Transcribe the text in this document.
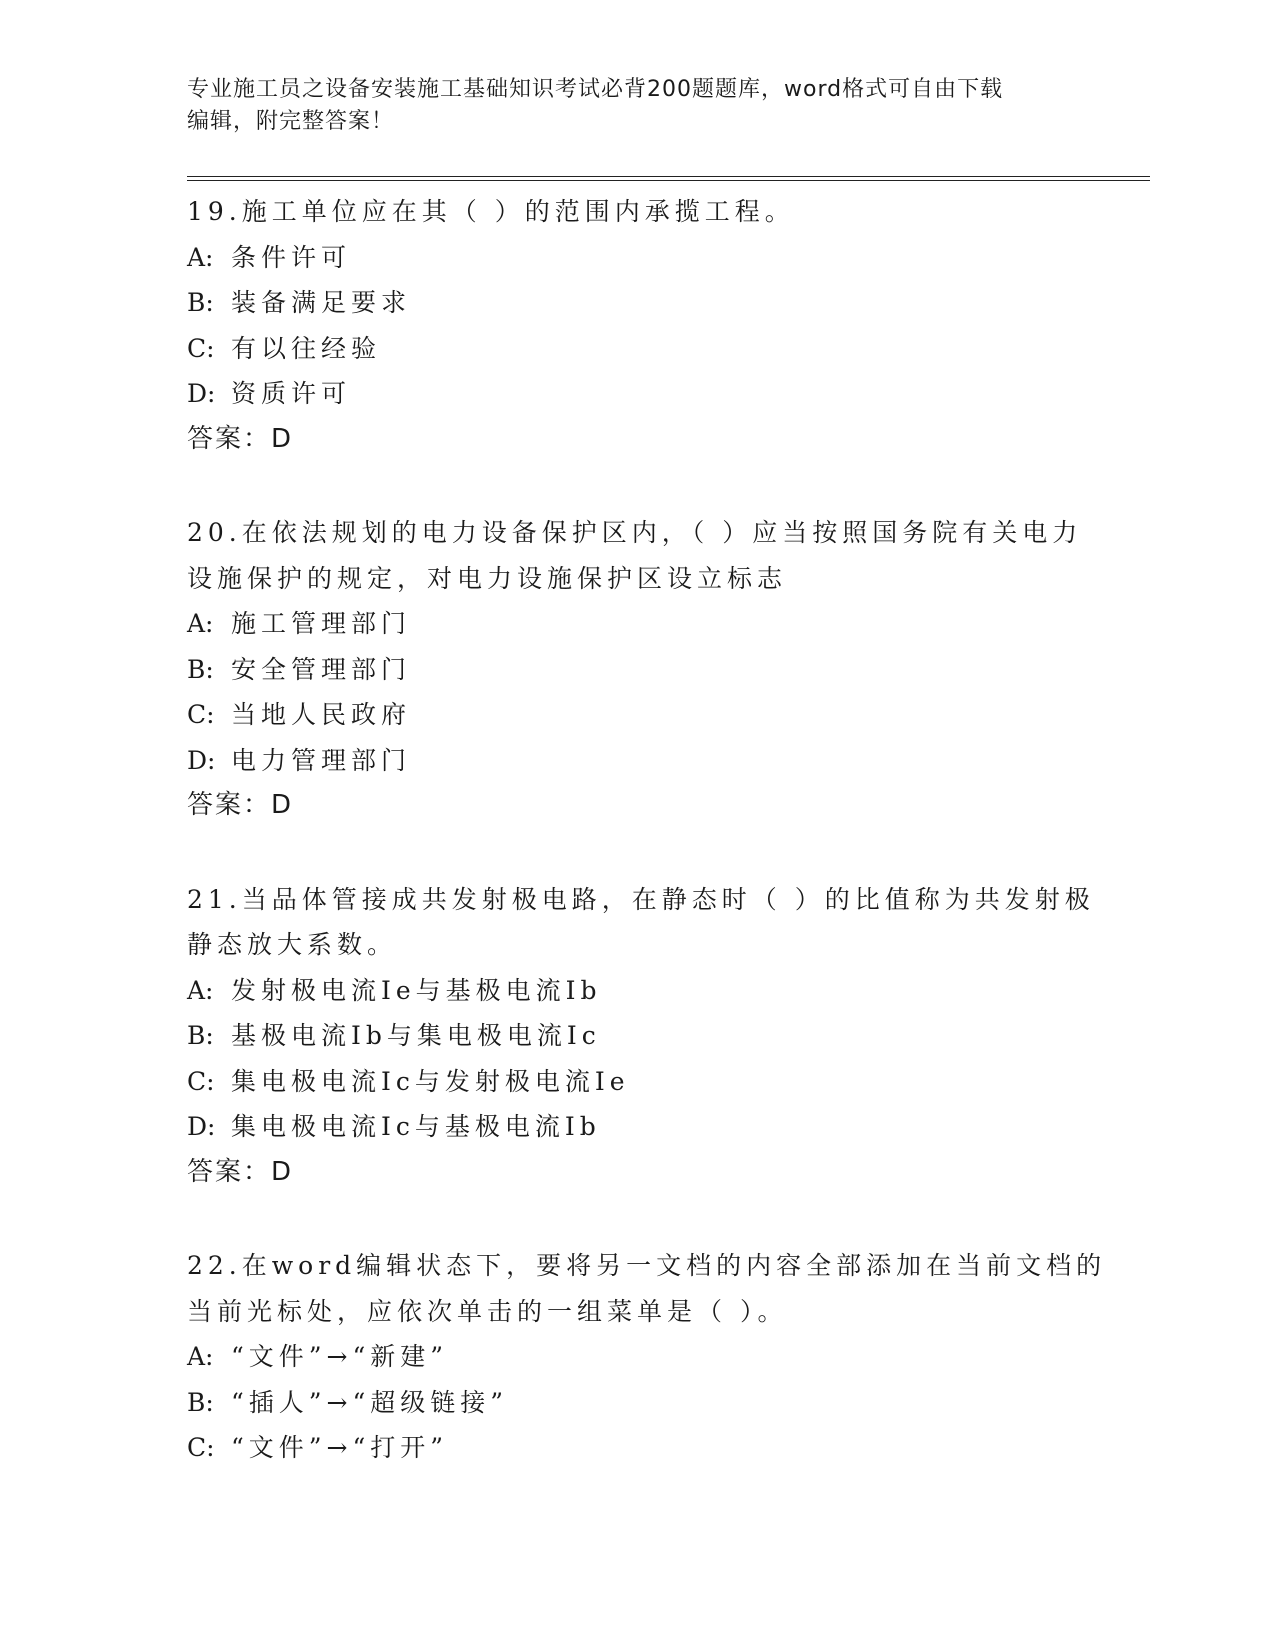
专业施工员之设备安装施工基础知识考试必背200题题库，word格式可自由下载
编辑，附完整答案！
19.施工单位应在其（ ）的范围内承揽工程。
A: 条件许可
B: 装备满足要求
C: 有以往经验
D: 资质许可
答案：D
20.在依法规划的电力设备保护区内，（ ）应当按照国务院有关电力
设施保护的规定，对电力设施保护区设立标志
A: 施工管理部门
B: 安全管理部门
C: 当地人民政府
D: 电力管理部门
答案：D
21.当品体管接成共发射极电路，在静态时（ ）的比值称为共发射极
静态放大系数。
A: 发射极电流Ie与基极电流Ib
B: 基极电流Ib与集电极电流Ic
C: 集电极电流Ic与发射极电流Ie
D: 集电极电流Ic与基极电流Ib
答案：D
22.在word编辑状态下，要将另一文档的内容全部添加在当前文档的
当前光标处，应依次单击的一组菜单是（ ）。
A: “文件”→“新建”
B: “插人”→“超级链接”
C: “文件”→“打开”
